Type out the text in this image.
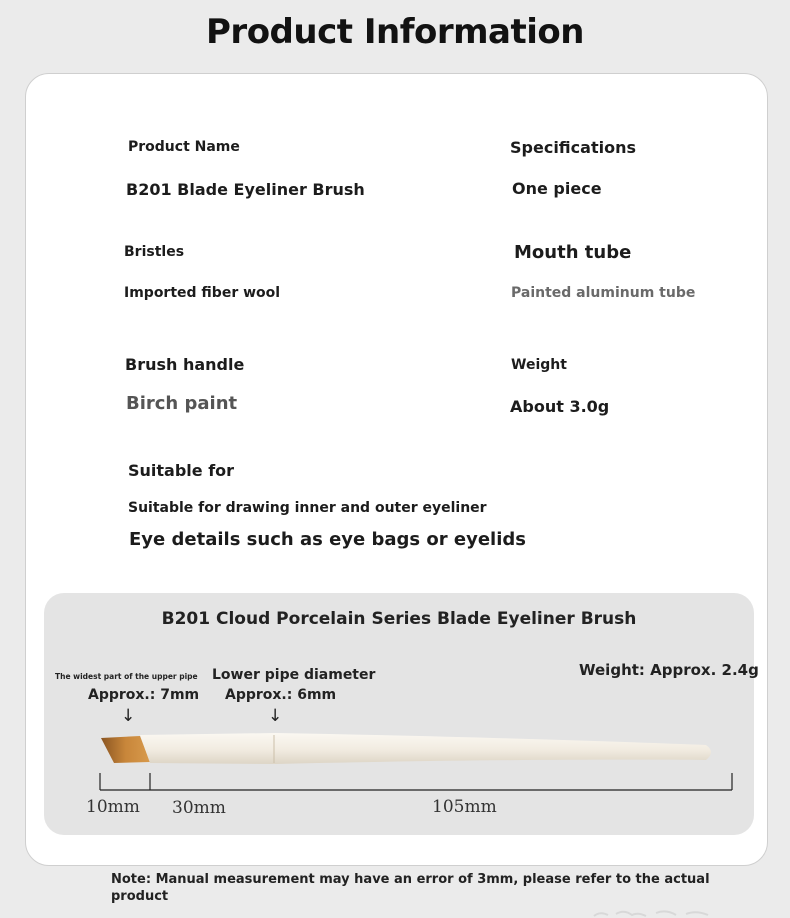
Product Information
Product Name
B201 Blade Eyeliner Brush
Specifications
One piece
Bristles
Imported fiber wool
Mouth tube
Painted aluminum tube
Brush handle
Birch paint
Weight
About 3.0g
Suitable for
Suitable for drawing inner and outer eyeliner
Eye details such as eye bags or eyelids
B201 Cloud Porcelain Series Blade Eyeliner Brush
The widest part of the upper pipe
Approx.: 7mm
↓
Lower pipe diameter
Approx.: 6mm
↓
Weight: Approx. 2.4g
10mm 30mm	105mm
Note: Manual measurement may have an error of 3mm, please refer to the actual product
